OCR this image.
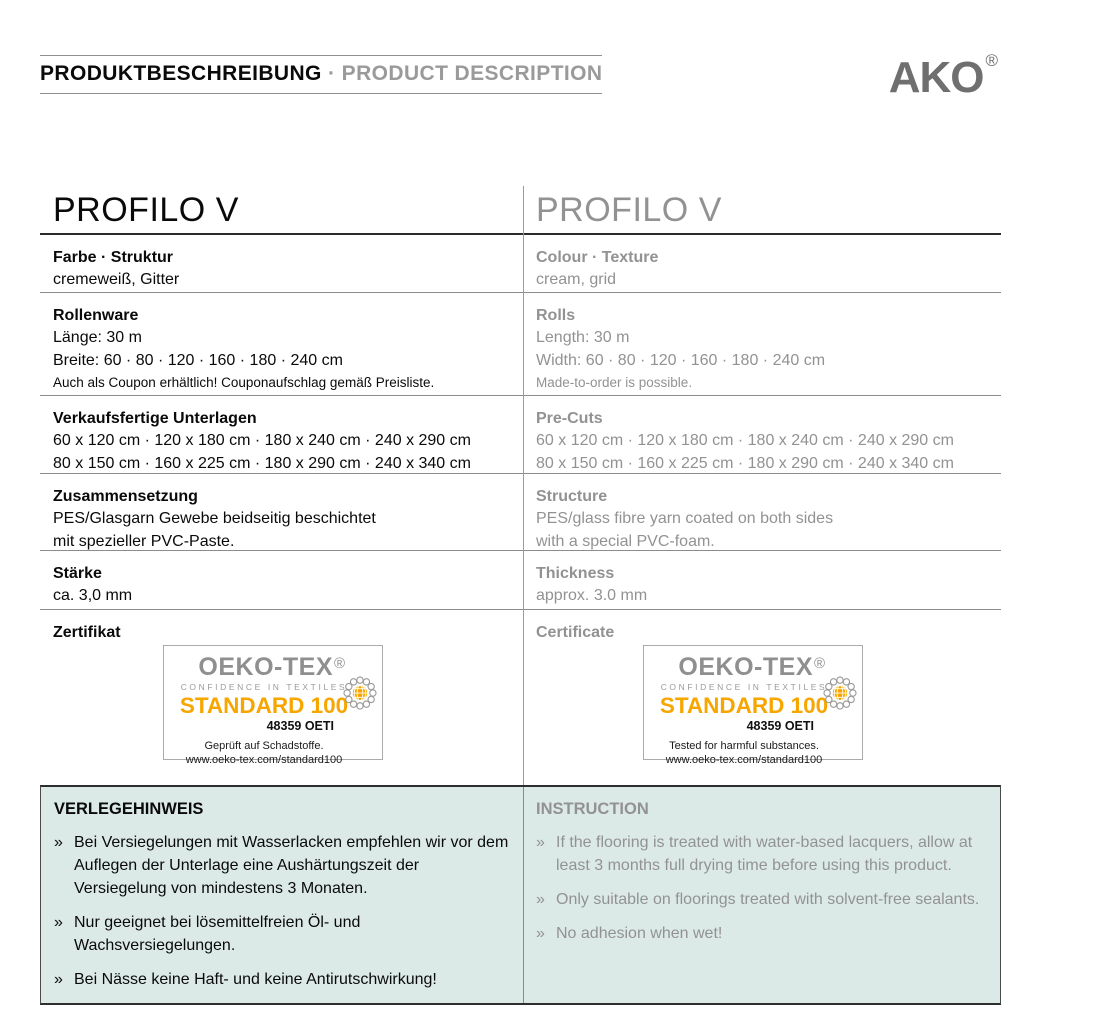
PRODUKTBESCHREIBUNG · PRODUCT DESCRIPTION	AKO ®
PROFILO V	PROFILO V
Farbe · Struktur
cremeweiß, Gitter
Colour · Texture
cream, grid
Rollenware
Länge: 30 m
Breite: 60 · 80 · 120 · 160 · 180 · 240 cm
Auch als Coupon erhältlich! Couponaufschlag gemäß Preisliste.
Rolls
Length: 30 m
Width: 60 · 80 · 120 · 160 · 180 · 240 cm
Made-to-order is possible.
Verkaufsfertige Unterlagen
60 x 120 cm · 120 x 180 cm · 180 x 240 cm · 240 x 290 cm
80 x 150 cm · 160 x 225 cm · 180 x 290 cm · 240 x 340 cm
Pre-Cuts
60 x 120 cm · 120 x 180 cm · 180 x 240 cm · 240 x 290 cm
80 x 150 cm · 160 x 225 cm · 180 x 290 cm · 240 x 340 cm
Zusammensetzung
PES/Glasgarn Gewebe beidseitig beschichtet
mit spezieller PVC-Paste.
Structure
PES/glass fibre yarn coated on both sides
with a special PVC-foam.
Stärke
ca. 3,0 mm
Thickness
approx. 3.0 mm
Zertifikat
OEKO-TEX®
CONFIDENCE IN TEXTILES
STANDARD 100
48359 OETI
Geprüft auf Schadstoffe.
www.oeko-tex.com/standard100
Certificate
OEKO-TEX®
CONFIDENCE IN TEXTILES
STANDARD 100
48359 OETI
Tested for harmful substances.
www.oeko-tex.com/standard100
VERLEGEHINWEIS
» Bei Versiegelungen mit Wasserlacken empfehlen wir vor dem Auflegen der Unterlage eine Aushärtungszeit der Versiegelung von mindestens 3 Monaten.
» Nur geeignet bei lösemittelfreien Öl- und Wachsversiegelungen.
» Bei Nässe keine Haft- und keine Antirutschwirkung!
INSTRUCTION
» If the flooring is treated with water-based lacquers, allow at least 3 months full drying time before using this product.
» Only suitable on floorings treated with solvent-free sealants.
» No adhesion when wet!
